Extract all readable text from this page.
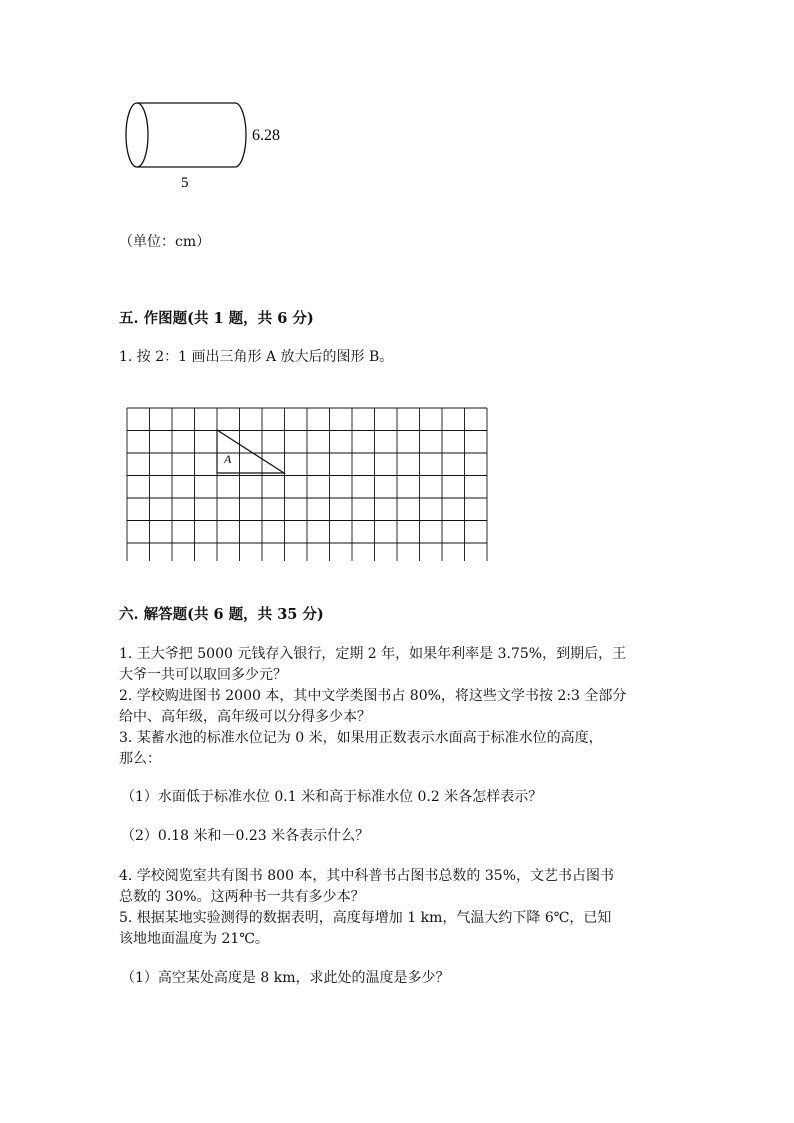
6.28
5
（单位：cm）
五. 作图题(共 1 题，共 6 分)
1. 按 2：1 画出三角形 A 放大后的图形 B。
A
六. 解答题(共 6 题，共 35 分)
1. 王大爷把 5000 元钱存入银行，定期 2 年，如果年利率是 3.75%，到期后，王
大爷一共可以取回多少元？
2. 学校购进图书 2000 本，其中文学类图书占 80%，将这些文学书按 2:3 全部分
给中、高年级，高年级可以分得多少本？
3. 某蓄水池的标准水位记为 0 米，如果用正数表示水面高于标准水位的高度，
那么：
（1）水面低于标准水位 0.1 米和高于标准水位 0.2 米各怎样表示？
（2）0.18 米和－0.23 米各表示什么？
4. 学校阅览室共有图书 800 本，其中科普书占图书总数的 35%，文艺书占图书
总数的 30%。这两种书一共有多少本？
5. 根据某地实验测得的数据表明，高度每增加 1 km，气温大约下降 6℃，已知
该地地面温度为 21℃。
（1）高空某处高度是 8 km，求此处的温度是多少？
